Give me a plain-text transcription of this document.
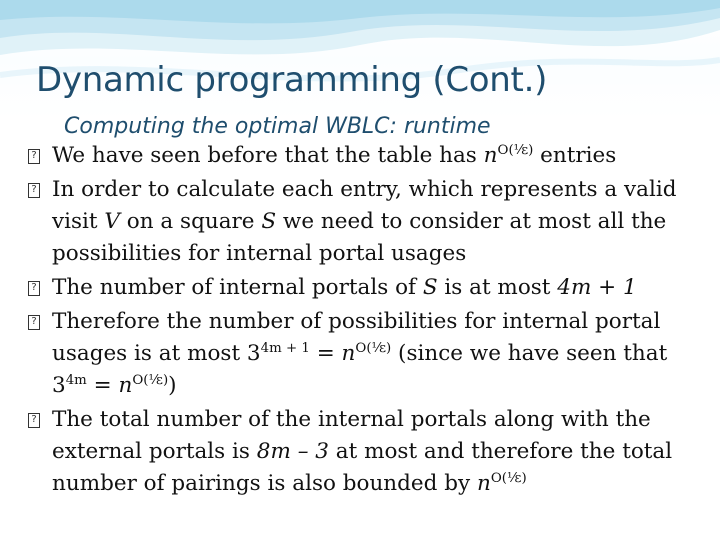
Dynamic programming (Cont.)
Computing the optimal WBLC: runtime

? We have seen before that the table has $n^{O(^1⁄\varepsilon)}$ entries

? In order to calculate each entry, which represents a valid visit V on a square S we need to consider at most all the possibilities for internal portal usages

? The number of internal portals of S is at most 4m + 1

? Therefore the number of possibilities for internal portal usages is at most $3^{4m + 1} = n^{O(^1⁄\varepsilon)}$ (since we have seen that $3^{4m} = n^{O(^1⁄\varepsilon)}$)

? The total number of the internal portals along with the external portals is 8m – 3 at most and therefore the total number of pairings is also bounded by $n^{O(^1⁄\varepsilon)}$
